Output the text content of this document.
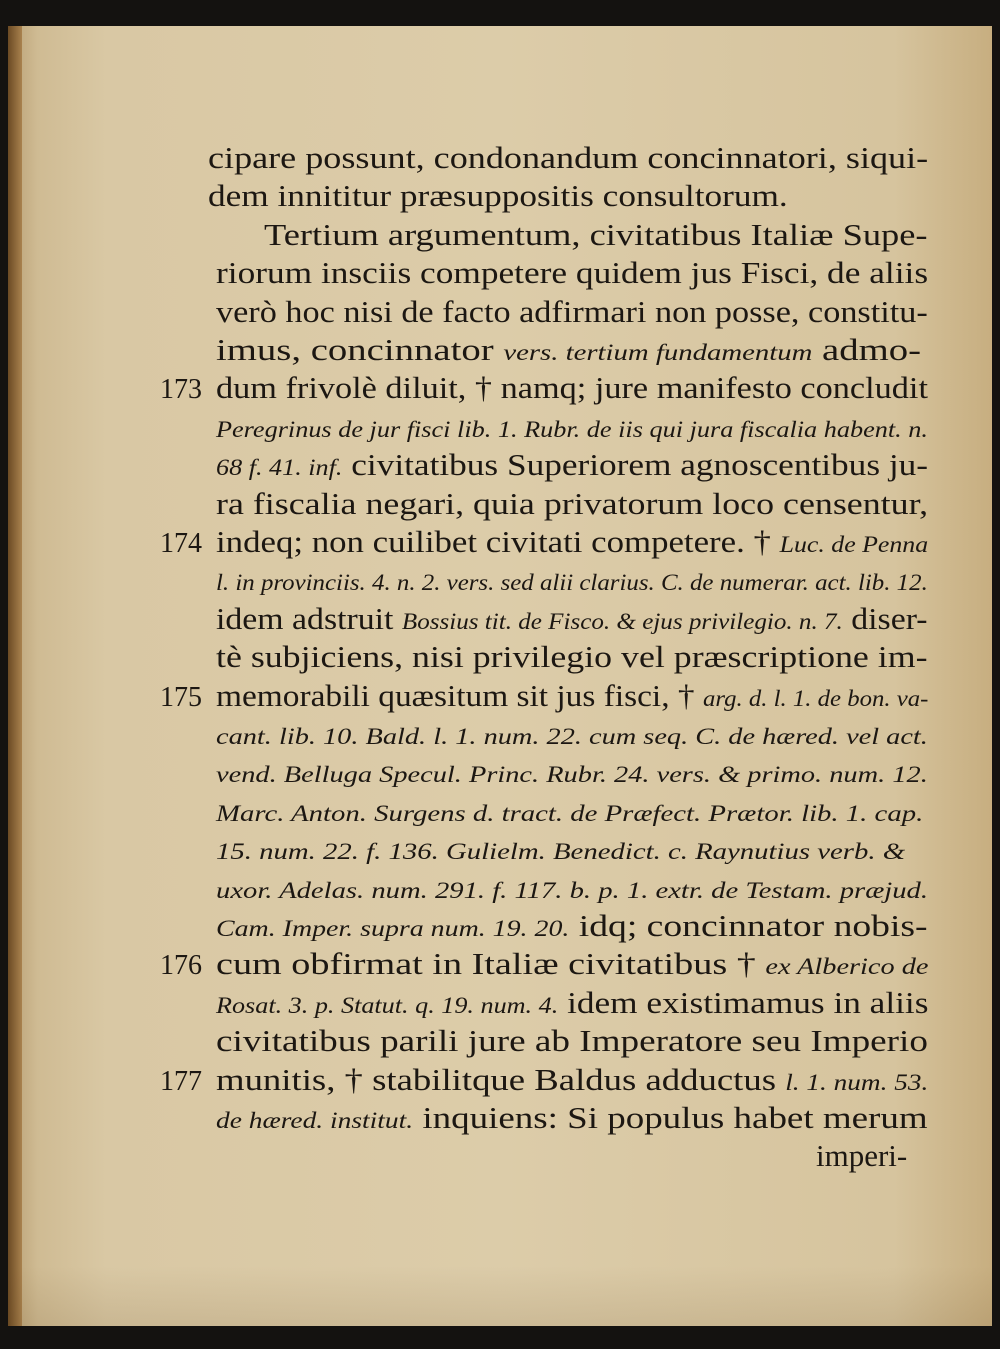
cipare possunt, condonandum concinnatori, siqui-
dem innititur præsuppositis consultorum.
Tertium argumentum, civitatibus Italiæ Supe-
riorum insciis competere quidem jus Fisci, de aliis
verò hoc nisi de facto adfirmari non posse, constitu-
imus, concinnator vers. tertium fundamentum admo-
dum frivolè diluit, † namq; jure manifesto concludit
Peregrinus de jur fisci lib. 1. Rubr. de iis qui jura fiscalia habent. n.
68 f. 41. inf. civitatibus Superiorem agnoscentibus ju-
ra fiscalia negari, quia privatorum loco censentur,
indeq; non cuilibet civitati competere. † Luc. de Penna
l. in provinciis. 4. n. 2. vers. sed alii clarius. C. de numerar. act. lib. 12.
idem adstruit Bossius tit. de Fisco. & ejus privilegio. n. 7. diser-
tè subjiciens, nisi privilegio vel præscriptione im-
memorabili quæsitum sit jus fisci, † arg. d. l. 1. de bon. va-
cant. lib. 10. Bald. l. 1. num. 22. cum seq. C. de hæred. vel act.
vend. Belluga Specul. Princ. Rubr. 24. vers. & primo. num. 12.
Marc. Anton. Surgens d. tract. de Præfect. Prætor. lib. 1. cap.
15. num. 22. f. 136. Gulielm. Benedict. c. Raynutius verb. &
uxor. Adelas. num. 291. f. 117. b. p. 1. extr. de Testam. præjud.
Cam. Imper. supra num. 19. 20. idq; concinnator nobis-
cum obfirmat in Italiæ civitatibus † ex Alberico de
Rosat. 3. p. Statut. q. 19. num. 4. idem existimamus in aliis
civitatibus parili jure ab Imperatore seu Imperio
munitis, † stabilitque Baldus adductus l. 1. num. 53.
de hæred. institut. inquiens: Si populus habet merum
imperi-
173
174
175
176
177
